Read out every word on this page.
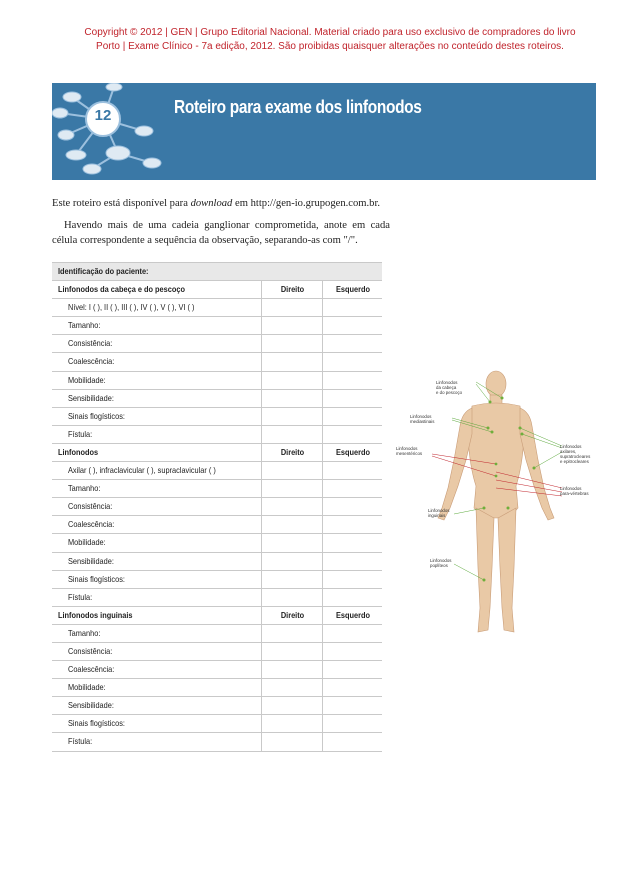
Copyright © 2012 | GEN | Grupo Editorial Nacional. Material criado para uso exclusivo de compradores do livro
Porto | Exame Clínico - 7a edição, 2012. São proibidas quaisquer alterações no conteúdo destes roteiros.
12	Roteiro para exame dos linfonodos
Este roteiro está disponível para download em http://gen-io.grupogen.com.br.
Havendo mais de uma cadeia ganglionar comprometida, anote em cada célula correspondente a sequência da observação, separando-as com "/".
Identificação do paciente:
Linfonodos da cabeça e do pescoço	Direito	Esquerdo
Nível: I ( ), II ( ), III ( ), IV ( ), V ( ), VI ( )
Tamanho:
Consistência:
Coalescência:
Mobilidade:
Sensibilidade:
Sinais flogísticos:
Fístula:
Linfonodos	Direito	Esquerdo
Axilar ( ), infraclavicular ( ), supraclavicular ( )
Tamanho:
Consistência:
Coalescência:
Mobilidade:
Sensibilidade:
Sinais flogísticos:
Fístula:
Linfonodos inguinais	Direito	Esquerdo
Tamanho:
Consistência:
Coalescência:
Mobilidade:
Sensibilidade:
Sinais flogísticos:
Fístula:
Linfonodos
da cabeça
e do pescoço
Linfonodos
mediastinais
Linfonodos
mesentéricos
Linfonodos
axilares,
supratrocleares
e epitrocleares
Linfonodos
para-vértebras
Linfonodos
inguinais
Linfonodos
poplíteos
